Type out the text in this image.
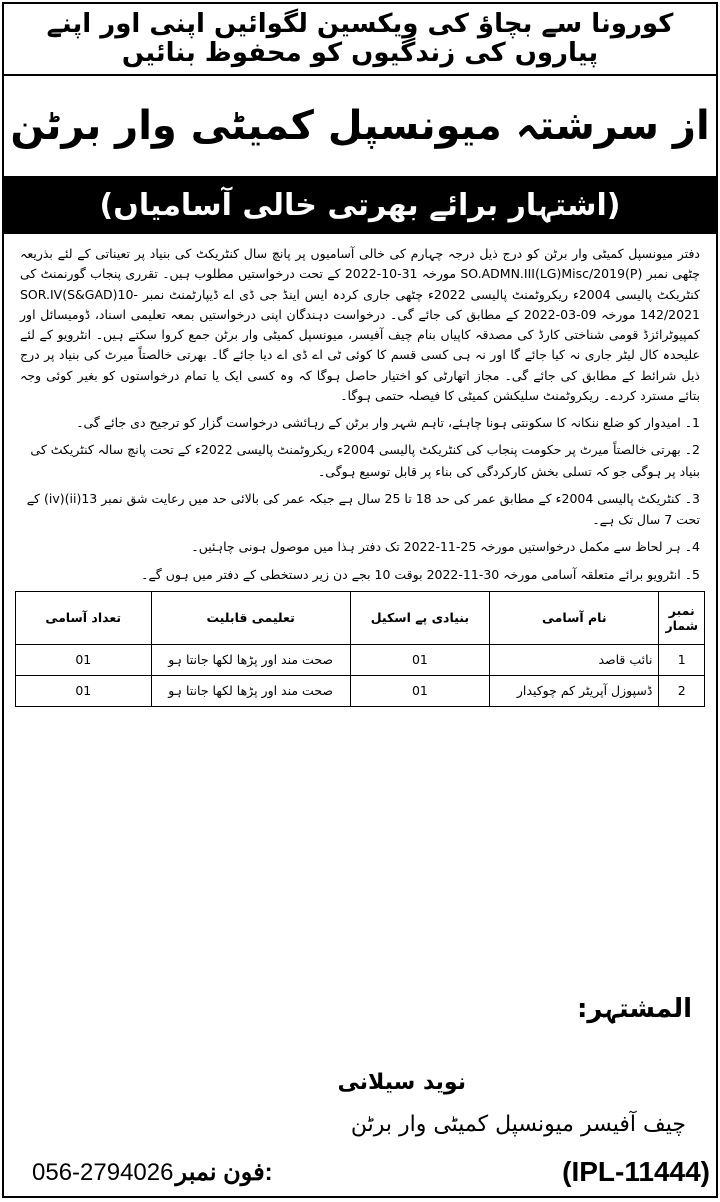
کورونا سے بچاؤ کی ویکسین لگوائیں اپنی اور اپنے پیاروں کی زندگیوں کو محفوظ بنائیں
از سرشتہ میونسپل کمیٹی وار برٹن
(اشتہار برائے بھرتی خالی آسامیاں)
دفتر میونسپل کمیٹی وار برٹن کو درج ذیل درجہ چہارم کی خالی آسامیوں پر پانچ سال کنٹریکٹ کی بنیاد پر تعیناتی کے لئے بذریعہ چٹھی نمبر SO.ADMN.III(LG)Misc/2019(P) مورخہ 31-10-2022 کے تحت درخواستیں مطلوب ہیں۔ تقرری پنجاب گورنمنٹ کی کنٹریکٹ پالیسی 2004ء ریکروٹمنٹ پالیسی 2022ء چٹھی جاری کردہ ایس اینڈ جی ڈی اے ڈیپارٹمنٹ نمبر SOR.IV(S&GAD)10-142/2021 مورخہ 09-03-2022 کے مطابق کی جائے گی۔ درخواست دہندگان اپنی درخواستیں بمعہ تعلیمی اسناد، ڈومیسائل اور کمپیوٹرائزڈ قومی شناختی کارڈ کی مصدقہ کاپیاں بنام چیف آفیسر، میونسپل کمیٹی وار برٹن جمع کروا سکتے ہیں۔ انٹرویو کے لئے علیحدہ کال لیٹر جاری نہ کیا جائے گا اور نہ ہی کسی قسم کا کوئی ٹی اے ڈی اے دیا جائے گا۔ بھرتی خالصتاً میرٹ کی بنیاد پر درج ذیل شرائط کے مطابق کی جائے گی۔ مجاز اتھارٹی کو اختیار حاصل ہوگا کہ وہ کسی ایک یا تمام درخواستوں کو بغیر کوئی وجہ بتائے مسترد کردے۔ ریکروٹمنٹ سلیکشن کمیٹی کا فیصلہ حتمی ہوگا۔

1۔ امیدوار کو ضلع ننکانہ کا سکونتی ہونا چاہئے، تاہم شہر وار برٹن کے رہائشی درخواست گزار کو ترجیح دی جائے گی۔

2۔ بھرتی خالصتاً میرٹ پر حکومت پنجاب کی کنٹریکٹ پالیسی 2004ء ریکروٹمنٹ پالیسی 2022ء کے تحت پانچ سالہ کنٹریکٹ کی بنیاد پر ہوگی جو کہ تسلی بخش کارکردگی کی بناء پر قابل توسیع ہوگی۔

3۔ کنٹریکٹ پالیسی 2004ء کے مطابق عمر کی حد 18 تا 25 سال ہے جبکہ عمر کی بالائی حد میں رعایت شق نمبر 13(ii)(iv) کے تحت 7 سال تک ہے۔

4۔ ہر لحاظ سے مکمل درخواستیں مورخہ 25-11-2022 تک دفتر ہذا میں موصول ہونی چاہئیں۔

5۔ انٹرویو برائے متعلقہ آسامی مورخہ 30-11-2022 بوقت 10 بجے دن زیر دستخطی کے دفتر میں ہوں گے۔

نمبر شمار	نام آسامی	بنیادی پے اسکیل	تعلیمی قابلیت	تعداد آسامی
1	نائب قاصد	01	صحت مند اور پڑھا لکھا جانتا ہو	01
2	ڈسپوزل آپریٹر کم چوکیدار	01	صحت مند اور پڑھا لکھا جانتا ہو	01
المشتہر:
نوید سیلانی
چیف آفیسر میونسپل کمیٹی وار برٹن
056-2794026 فون نمبر:	(IPL-11444)
